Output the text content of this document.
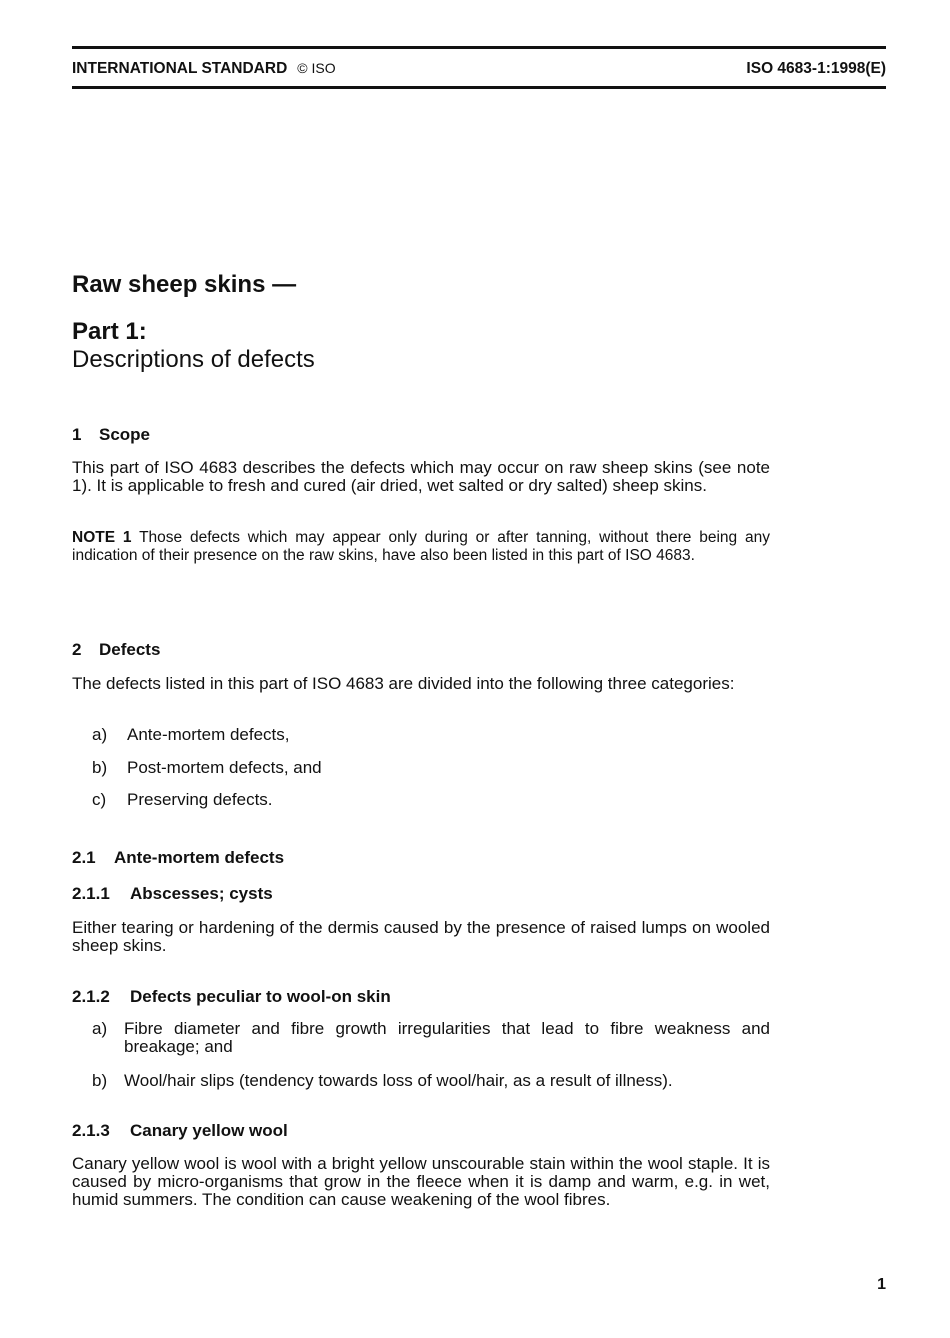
INTERNATIONAL STANDARD © ISO	ISO 4683-1:1998(E)
Raw sheep skins —
Part 1:
Descriptions of defects
1 Scope
This part of ISO 4683 describes the defects which may occur on raw sheep skins (see note 1). It is applicable to fresh and cured (air dried, wet salted or dry salted) sheep skins.
NOTE 1 Those defects which may appear only during or after tanning, without there being any indication of their presence on the raw skins, have also been listed in this part of ISO 4683.
2 Defects
The defects listed in this part of ISO 4683 are divided into the following three categories:
a) Ante-mortem defects,
b) Post-mortem defects, and
c) Preserving defects.
2.1 Ante-mortem defects
2.1.1 Abscesses; cysts
Either tearing or hardening of the dermis caused by the presence of raised lumps on wooled sheep skins.
2.1.2 Defects peculiar to wool-on skin
a) Fibre diameter and fibre growth irregularities that lead to fibre weakness and breakage; and
b) Wool/hair slips (tendency towards loss of wool/hair, as a result of illness).
2.1.3 Canary yellow wool
Canary yellow wool is wool with a bright yellow unscourable stain within the wool staple. It is caused by micro-organisms that grow in the fleece when it is damp and warm, e.g. in wet, humid summers. The condition can cause weakening of the wool fibres.
1
